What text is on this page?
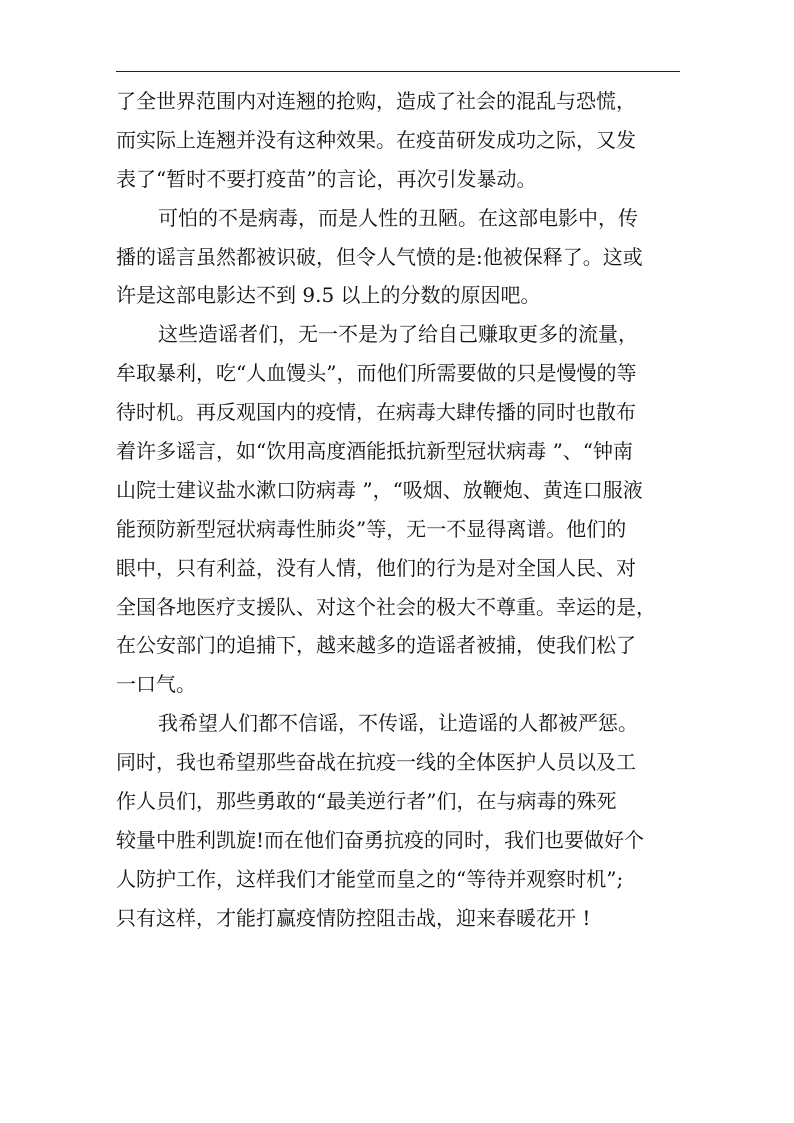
了全世界范围内对连翘的抢购，造成了社会的混乱与恐慌，
而实际上连翘并没有这种效果。在疫苗研发成功之际，又发
表了“暂时不要打疫苗”的言论，再次引发暴动。
可怕的不是病毒，而是人性的丑陋。在这部电影中，传
播的谣言虽然都被识破，但令人气愤的是:他被保释了。这或
许是这部电影达不到 9.5 以上的分数的原因吧。
这些造谣者们，无一不是为了给自己赚取更多的流量，
牟取暴利，吃“人血馒头”，而他们所需要做的只是慢慢的等
待时机。再反观国内的疫情，在病毒大肆传播的同时也散布
着许多谣言，如“饮用高度酒能抵抗新型冠状病毒 ”、“钟南
山院士建议盐水漱口防病毒 ”，“吸烟、放鞭炮、黄连口服液
能预防新型冠状病毒性肺炎”等，无一不显得离谱。他们的
眼中，只有利益，没有人情，他们的行为是对全国人民、对
全国各地医疗支援队、对这个社会的极大不尊重。幸运的是，
在公安部门的追捕下，越来越多的造谣者被捕，使我们松了
一口气。
我希望人们都不信谣，不传谣，让造谣的人都被严惩。
同时，我也希望那些奋战在抗疫一线的全体医护人员以及工
作人员们，那些勇敢的“最美逆行者”们，在与病毒的殊死
较量中胜利凯旋!而在他们奋勇抗疫的同时，我们也要做好个
人防护工作，这样我们才能堂而皇之的“等待并观察时机”;
只有这样，才能打赢疫情防控阻击战，迎来春暖花开 !
